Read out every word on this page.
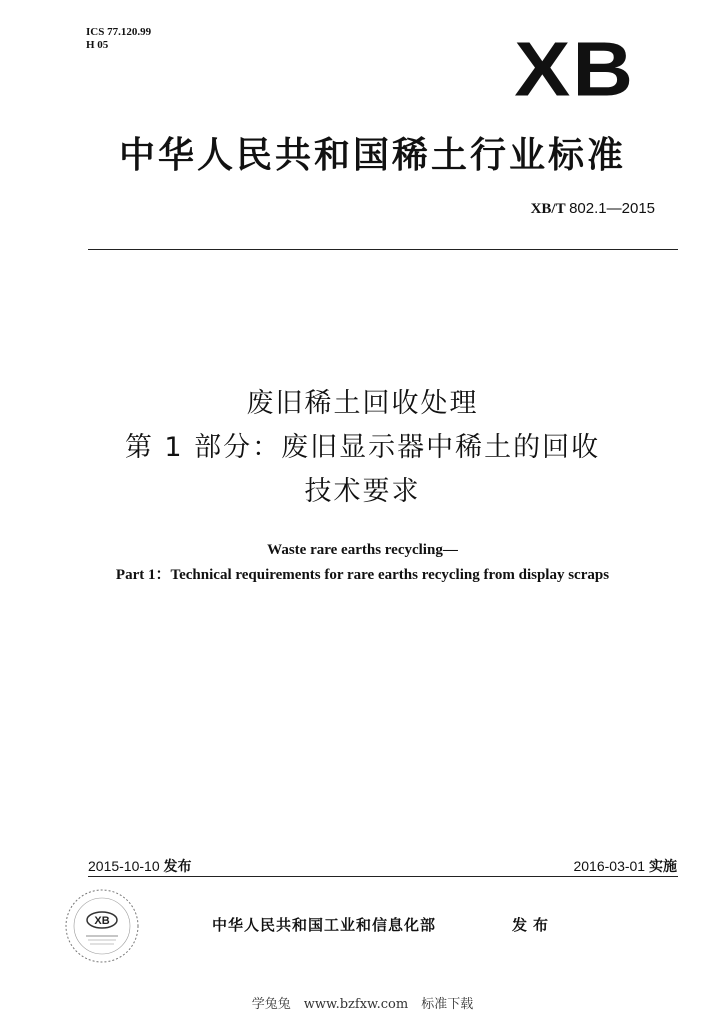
ICS 77.120.99
H 05	XB
中华人民共和国稀土行业标准
XB/T 802.1—2015
废旧稀土回收处理
第 1 部分：废旧显示器中稀土的回收
技术要求
Waste rare earths recycling—
Part 1：Technical requirements for rare earths recycling from display scraps
2015-10-10 发布	2016-03-01 实施
XB	中华人民共和国工业和信息化部	发布
学兔兔　www.bzfxw.com　标准下载
